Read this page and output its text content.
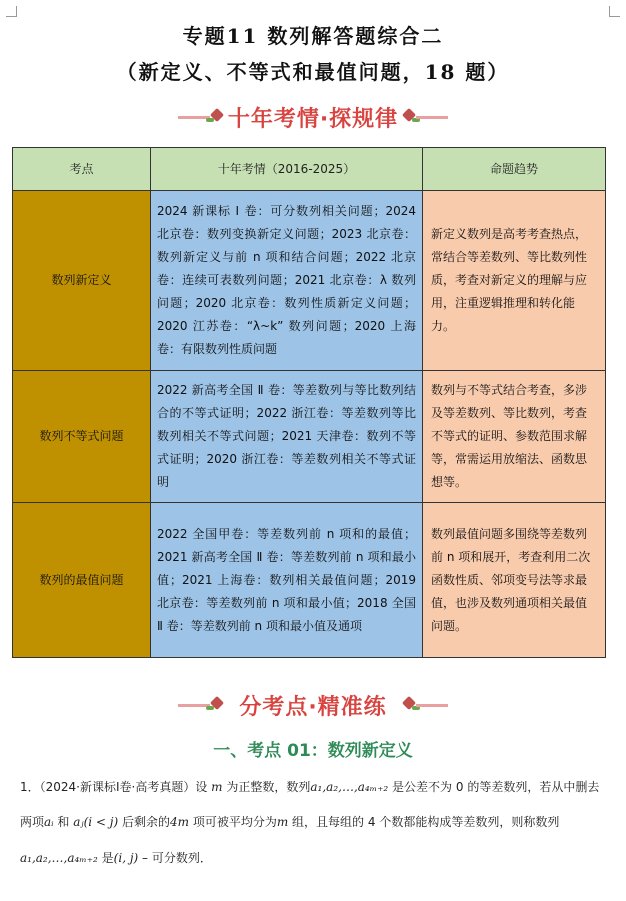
专题11 数列解答题综合二
（新定义、不等式和最值问题，18 题）
十年考情·探规律
考点	十年考情（2016-2025）	命题趋势
数列新定义	2024 新课标 Ⅰ 卷：可分数列相关问题；2024 北京卷：数列变换新定义问题；2023 北京卷：数列新定义与前 n 项和结合问题；2022 北京卷：连续可表数列问题；2021 北京卷：λ 数列问题；2020 北京卷：数列性质新定义问题；2020 江苏卷：“λ~k” 数列问题；2020 上海卷：有限数列性质问题	新定义数列是高考考查热点，常结合等差数列、等比数列性质，考查对新定义的理解与应用，注重逻辑推理和转化能力。
数列不等式问题	2022 新高考全国 Ⅱ 卷：等差数列与等比数列结合的不等式证明；2022 浙江卷：等差数列等比数列相关不等式问题；2021 天津卷：数列不等式证明；2020 浙江卷：等差数列相关不等式证明	数列与不等式结合考查，多涉及等差数列、等比数列，考查不等式的证明、参数范围求解等，常需运用放缩法、函数思想等。
数列的最值问题	2022 全国甲卷：等差数列前 n 项和的最值；2021 新高考全国 Ⅱ 卷：等差数列前 n 项和最小值；2021 上海卷：数列相关最值问题；2019 北京卷：等差数列前 n 项和最小值；2018 全国 Ⅱ 卷：等差数列前 n 项和最小值及通项	数列最值问题多围绕等差数列前 n 项和展开，考查利用二次函数性质、邻项变号法等求最值，也涉及数列通项相关最值问题。
分考点·精准练
一、考点 01：数列新定义
1．（2024·新课标Ⅰ卷·高考真题）设 m 为正整数，数列a₁,a₂,…,a₄ₘ₊₂ 是公差不为 0 的等差数列，若从中删去
两项aᵢ 和 aⱼ(i < j) 后剩余的4m 项可被平均分为m 组，且每组的 4 个数都能构成等差数列，则称数列
a₁,a₂,…,a₄ₘ₊₂ 是(i, j) – 可分数列．
